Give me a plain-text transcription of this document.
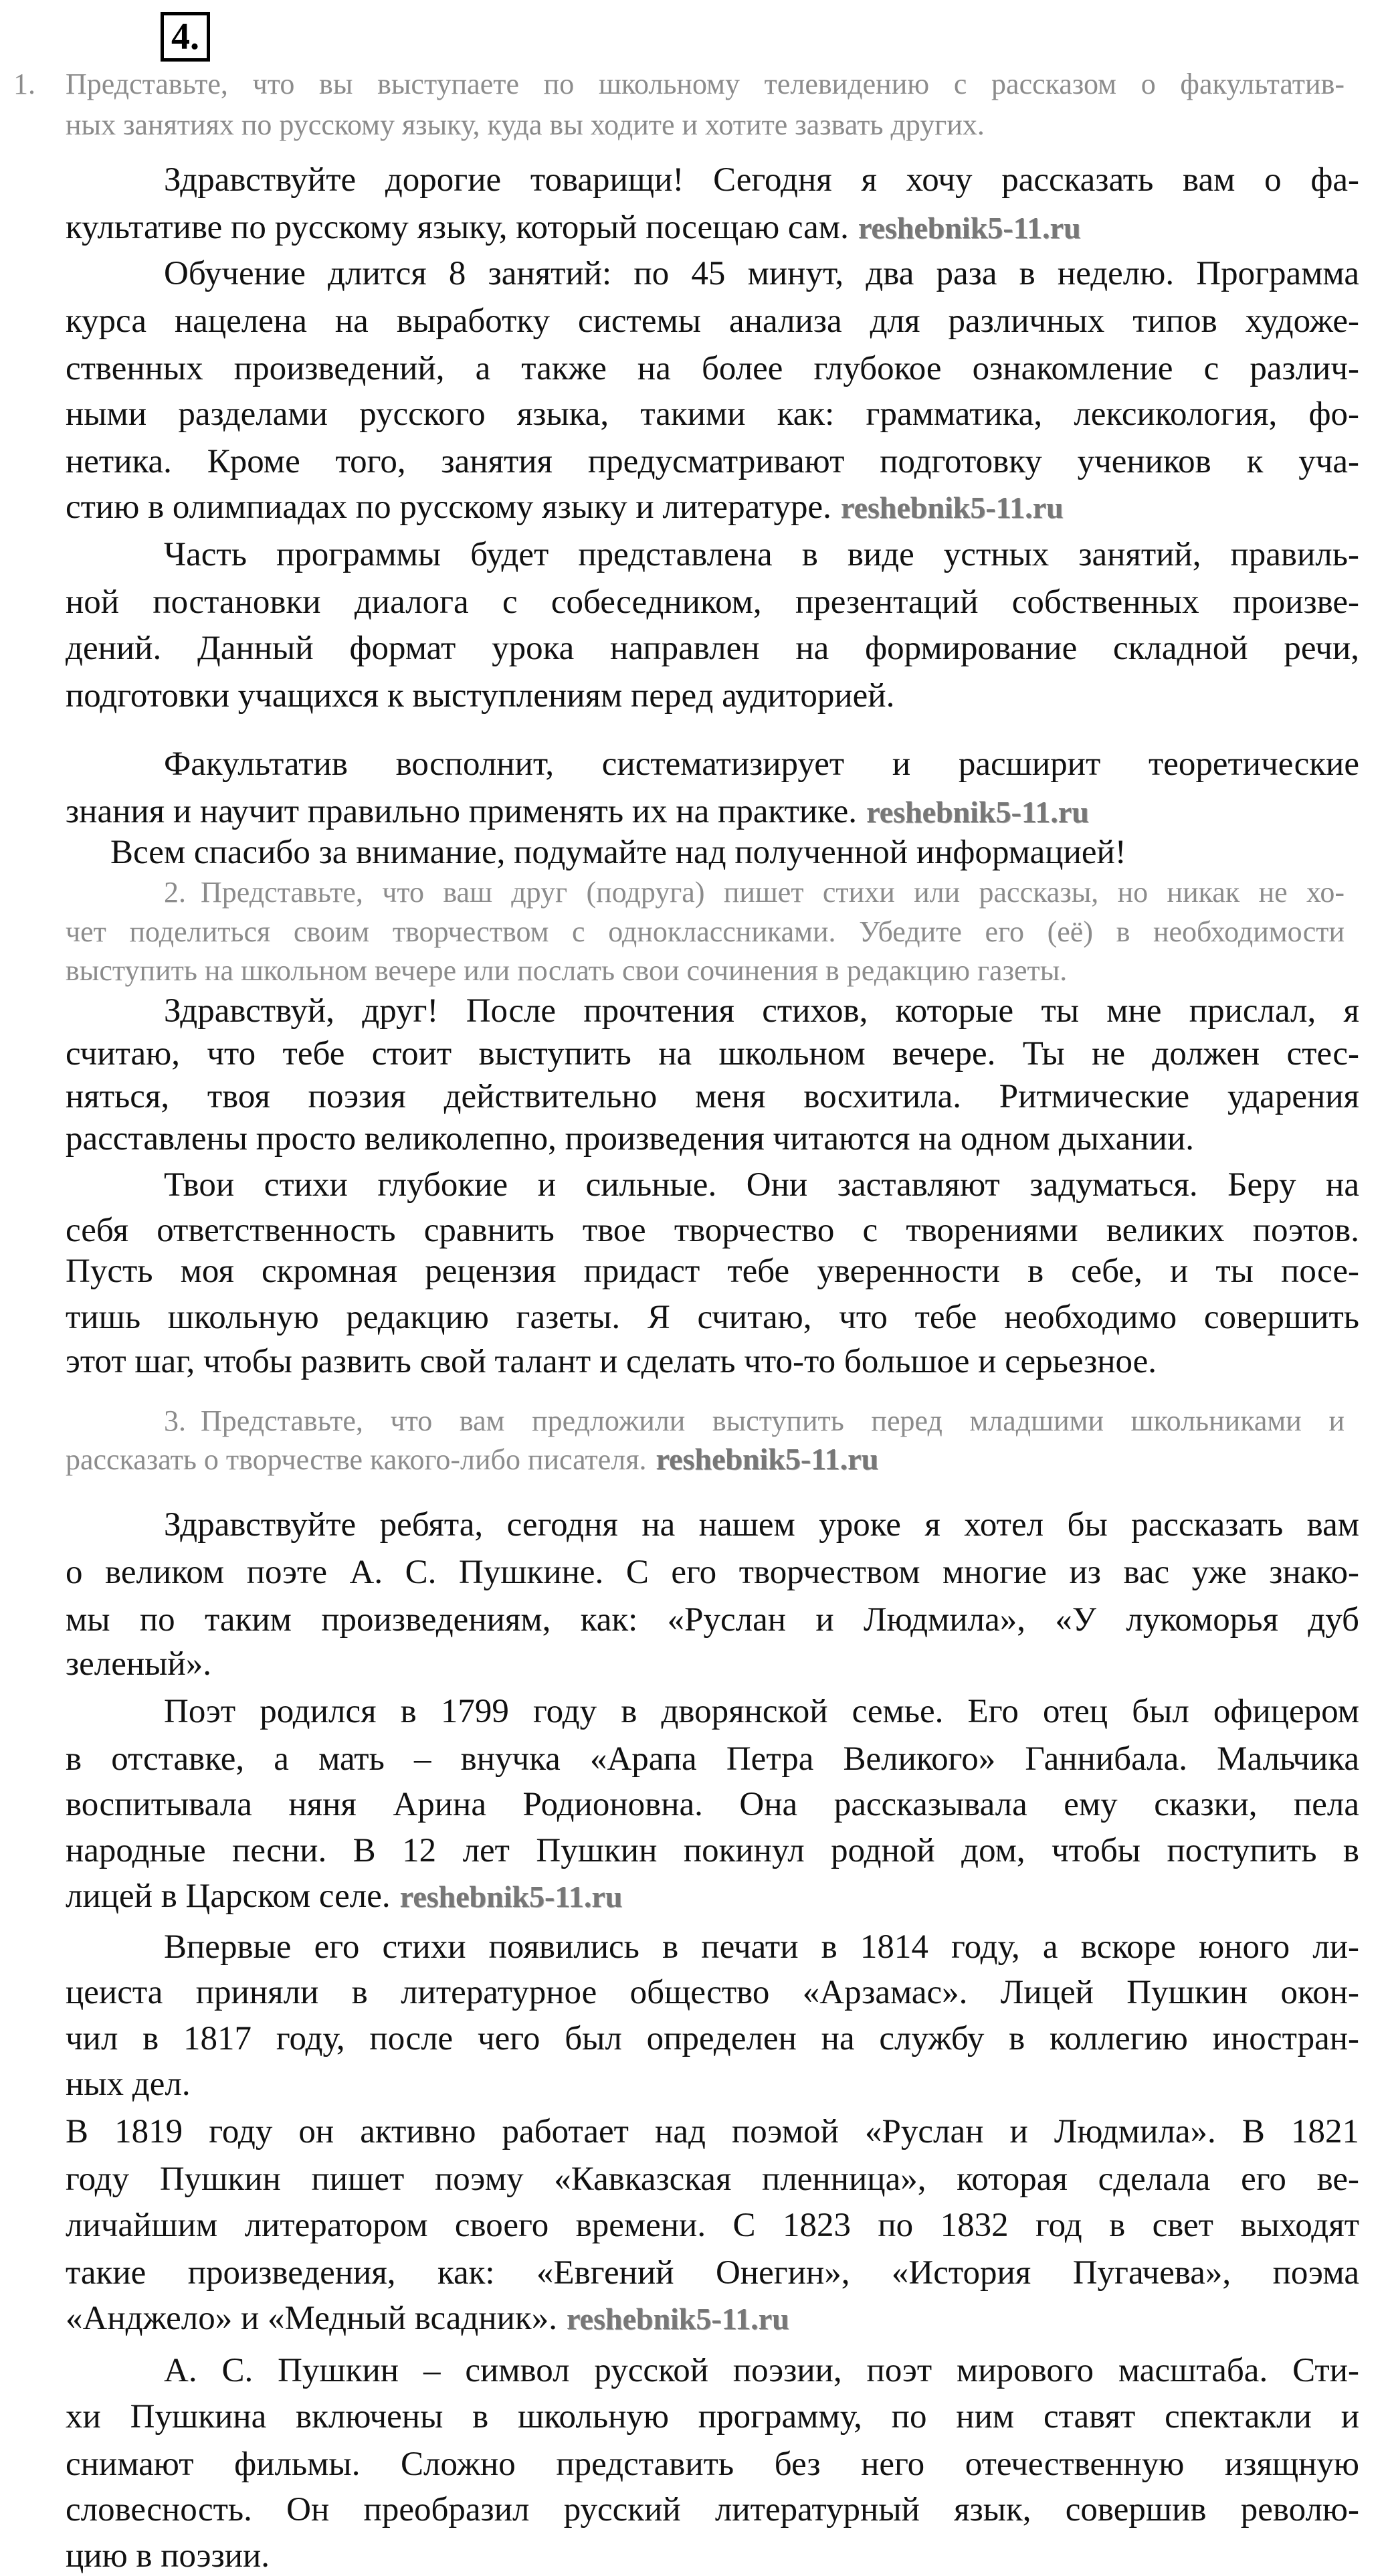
4.
1. Представьте, что вы выступаете по школьному телевидению с рассказом о факультатив-
ных занятиях по русскому языку, куда вы ходите и хотите зазвать других.
Здравствуйте дорогие товарищи! Сегодня я хочу рассказать вам о фа-
культативе по русскому языку, который посещаю сам. reshebnik5-11.ru
Обучение длится 8 занятий: по 45 минут, два раза в неделю. Программа
курса нацелена на выработку системы анализа для различных типов художе-
ственных произведений, а также на более глубокое ознакомление с различ-
ными разделами русского языка, такими как: грамматика, лексикология, фо-
нетика. Кроме того, занятия предусматривают подготовку учеников к уча-
стию в олимпиадах по русскому языку и литературе. reshebnik5-11.ru
Часть программы будет представлена в виде устных занятий, правиль-
ной постановки диалога с собеседником, презентаций собственных произве-
дений. Данный формат урока направлен на формирование складной речи,
подготовки учащихся к выступлениям перед аудиторией.
Факультатив восполнит, систематизирует и расширит теоретические
знания и научит правильно применять их на практике. reshebnik5-11.ru
Всем спасибо за внимание, подумайте над полученной информацией!
2. Представьте, что ваш друг (подруга) пишет стихи или рассказы, но никак не хо-
чет поделиться своим творчеством с одноклассниками. Убедите его (её) в необходимости
выступить на школьном вечере или послать свои сочинения в редакцию газеты.
Здравствуй, друг! После прочтения стихов, которые ты мне прислал, я
считаю, что тебе стоит выступить на школьном вечере. Ты не должен стес-
няться, твоя поэзия действительно меня восхитила. Ритмические ударения
расставлены просто великолепно, произведения читаются на одном дыхании.
Твои стихи глубокие и сильные. Они заставляют задуматься. Беру на
себя ответственность сравнить твое творчество с творениями великих поэтов.
Пусть моя скромная рецензия придаст тебе уверенности в себе, и ты посе-
тишь школьную редакцию газеты. Я считаю, что тебе необходимо совершить
этот шаг, чтобы развить свой талант и сделать что-то большое и серьезное.
3. Представьте, что вам предложили выступить перед младшими школьниками и
рассказать о творчестве какого-либо писателя. reshebnik5-11.ru
Здравствуйте ребята, сегодня на нашем уроке я хотел бы рассказать вам
о великом поэте А. С. Пушкине. С его творчеством многие из вас уже знако-
мы по таким произведениям, как: «Руслан и Людмила», «У лукоморья дуб
зеленый».
Поэт родился в 1799 году в дворянской семье. Его отец был офицером
в отставке, а мать – внучка «Арапа Петра Великого» Ганнибала. Мальчика
воспитывала няня Арина Родионовна. Она рассказывала ему сказки, пела
народные песни. В 12 лет Пушкин покинул родной дом, чтобы поступить в
лицей в Царском селе. reshebnik5-11.ru
Впервые его стихи появились в печати в 1814 году, а вскоре юного ли-
цеиста приняли в литературное общество «Арзамас». Лицей Пушкин окон-
чил в 1817 году, после чего был определен на службу в коллегию иностран-
ных дел.
В 1819 году он активно работает над поэмой «Руслан и Людмила». В 1821
году Пушкин пишет поэму «Кавказская пленница», которая сделала его ве-
личайшим литератором своего времени. С 1823 по 1832 год в свет выходят
такие произведения, как: «Евгений Онегин», «История Пугачева», поэма
«Анджело» и «Медный всадник». reshebnik5-11.ru
А. С. Пушкин – символ русской поэзии, поэт мирового масштаба. Сти-
хи Пушкина включены в школьную программу, по ним ставят спектакли и
снимают фильмы. Сложно представить без него отечественную изящную
словесность. Он преобразил русский литературный язык, совершив револю-
цию в поэзии.
